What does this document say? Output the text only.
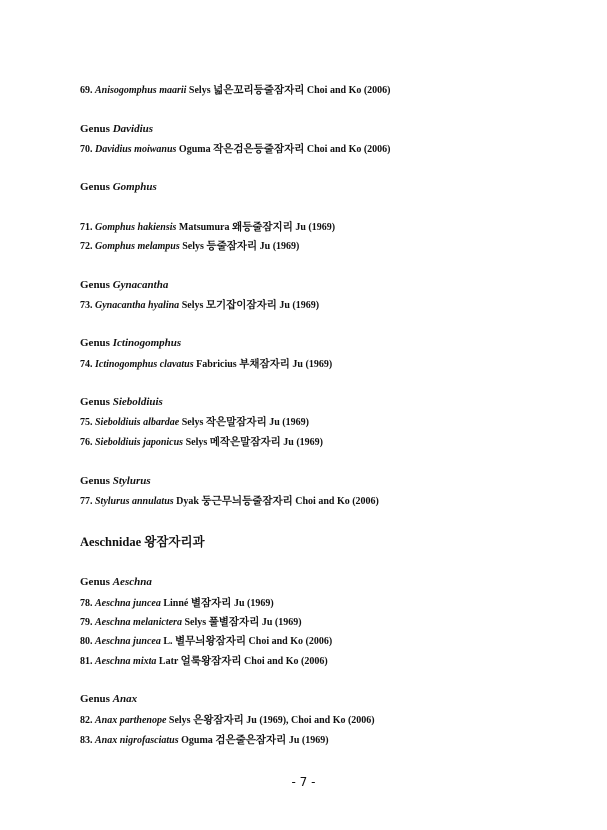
69. Anisogomphus maarii Selys 넓은꼬리등줄잠자리 Choi and Ko (2006)
Genus Davidius
70. Davidius moiwanus Oguma 작은검은등줄잠자리 Choi and Ko (2006)
Genus Gomphus
71. Gomphus hakiensis Matsumura 왜등줄잠지리 Ju (1969)
72. Gomphus melampus Selys 등줄잠자리 Ju (1969)
Genus Gynacantha
73. Gynacantha hyalina Selys 모기잡이잠자리 Ju (1969)
Genus Ictinogomphus
74. Ictinogomphus clavatus Fabricius 부채잠자리 Ju (1969)
Genus Sieboldiuis
75. Sieboldiuis albardae Selys 작은말잠자리 Ju (1969)
76. Sieboldiuis japonicus Selys 메작은말잠자리 Ju (1969)
Genus Stylurus
77. Stylurus annulatus Dyak 둥근무늬등줄잠자리 Choi and Ko (2006)
Aeschnidae 왕잠자리과
Genus Aeschna
78. Aeschna juncea Linné 별잠자리 Ju (1969)
79. Aeschna melanictera Selys 풀별잠자리 Ju (1969)
80. Aeschna juncea L. 별무늬왕잠자리 Choi and Ko (2006)
81. Aeschna mixta Latr 얼룩왕잠자리 Choi and Ko (2006)
Genus Anax
82. Anax parthenope Selys 은왕잠자리 Ju (1969), Choi and Ko (2006)
83. Anax nigrofasciatus Oguma 검은줄은잠자리 Ju (1969)
- 7 -
